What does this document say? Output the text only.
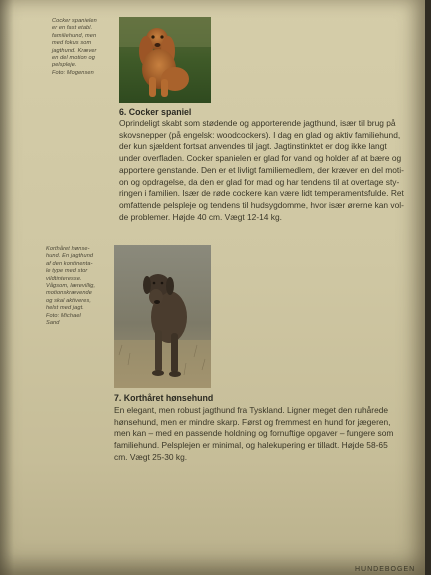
Cocker spanielen
er en fast etabl.
familiehund, men
med fokus som
jagthund. Kræver
en del motion og
pelspleje.
Foto: Mogensen
6. Cocker spaniel
Oprindeligt skabt som stødende og apporterende jagthund, især til brug på
skovsnepper (på engelsk: woodcockers). I dag en glad og aktiv familiehund,
der kun sjældent fortsat anvendes til jagt. Jagtinstinktet er dog ikke langt
under overfladen. Cocker spanielen er glad for vand og holder af at bære og
apportere genstande. Den er et livligt familiemedlem, der kræver en del moti-
on og opdragelse, da den er glad for mad og har tendens til at overtage sty-
ringen i familien. Især de røde cockere kan være lidt temperamentsfulde. Ret
omfattende pelspleje og tendens til hudsygdomme, hvor især ørerne kan vol-
de problemer. Højde 40 cm. Vægt 12-14 kg.
Korthåret hønse-
hund. En jagthund
af den kontinenta-
le type med stor
vildtinteresse.
Vågsom, lærevillig,
motionskrævende
og skal aktiveres,
helst med jagt.
Foto: Michael
Sand
7. Korthåret hønsehund
En elegant, men robust jagthund fra Tyskland. Ligner meget den ruhårede
hønsehund, men er mindre skarp. Først og fremmest en hund for jægeren,
men kan – med en passende holdning og fornuftige opgaver – fungere som
familiehund. Pelsplejen er minimal, og halekupering er tilladt. Højde 58-65
cm. Vægt 25-30 kg.
HUNDEBOGEN
